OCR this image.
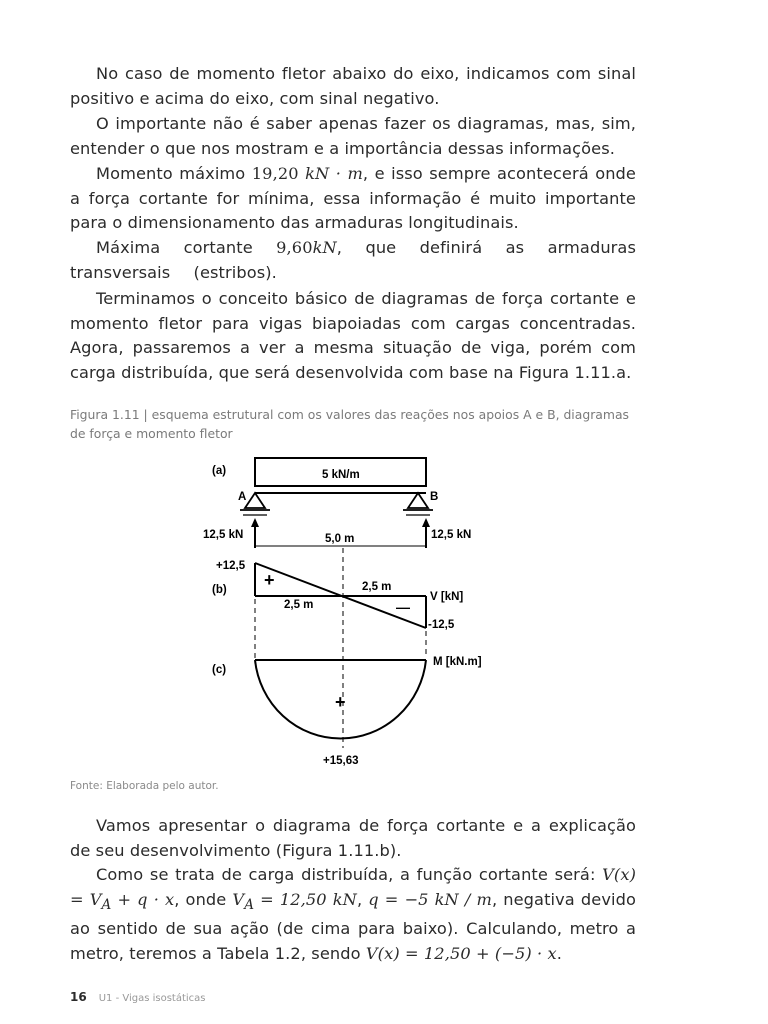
No caso de momento fletor abaixo do eixo, indicamos com sinal positivo e acima do eixo, com sinal negativo.

O importante não é saber apenas fazer os diagramas, mas, sim, entender o que nos mostram e a importância dessas informações.

Momento máximo 19,20 kN · m, e isso sempre acontecerá onde a força cortante for mínima, essa informação é muito importante para o dimensionamento das armaduras longitudinais.

Máxima cortante 9,60kN, que definirá as armaduras transversais (estribos).

Terminamos o conceito básico de diagramas de força cortante e momento fletor para vigas biapoiadas com cargas concentradas. Agora, passaremos a ver a mesma situação de viga, porém com carga distribuída, que será desenvolvida com base na Figura 1.11.a.

Figura 1.11 | esquema estrutural com os valores das reações nos apoios A e B, diagramas de força e momento fletor

(a)	5 kN/m
A	B
12,5 kN	12,5 kN
5,0 m
(b)
+12,5
+
—
2,5 m
2,5 m
V [kN]
-12,5
(c)
M [kN.m]
+
+15,63
Fonte: Elaborada pelo autor.

Vamos apresentar o diagrama de força cortante e a explicação de seu desenvolvimento (Figura 1.11.b).

Como se trata de carga distribuída, a função cortante será: $V(x) = V_A + q \cdot x$, onde $V_A = 12,50$ kN, q = −5 kN / m, negativa devido ao sentido de sua ação (de cima para baixo). Calculando, metro a metro, teremos a Tabela 1.2, sendo V(x) = 12,50 + (−5) · x.

16 U1 - Vigas isostáticas
